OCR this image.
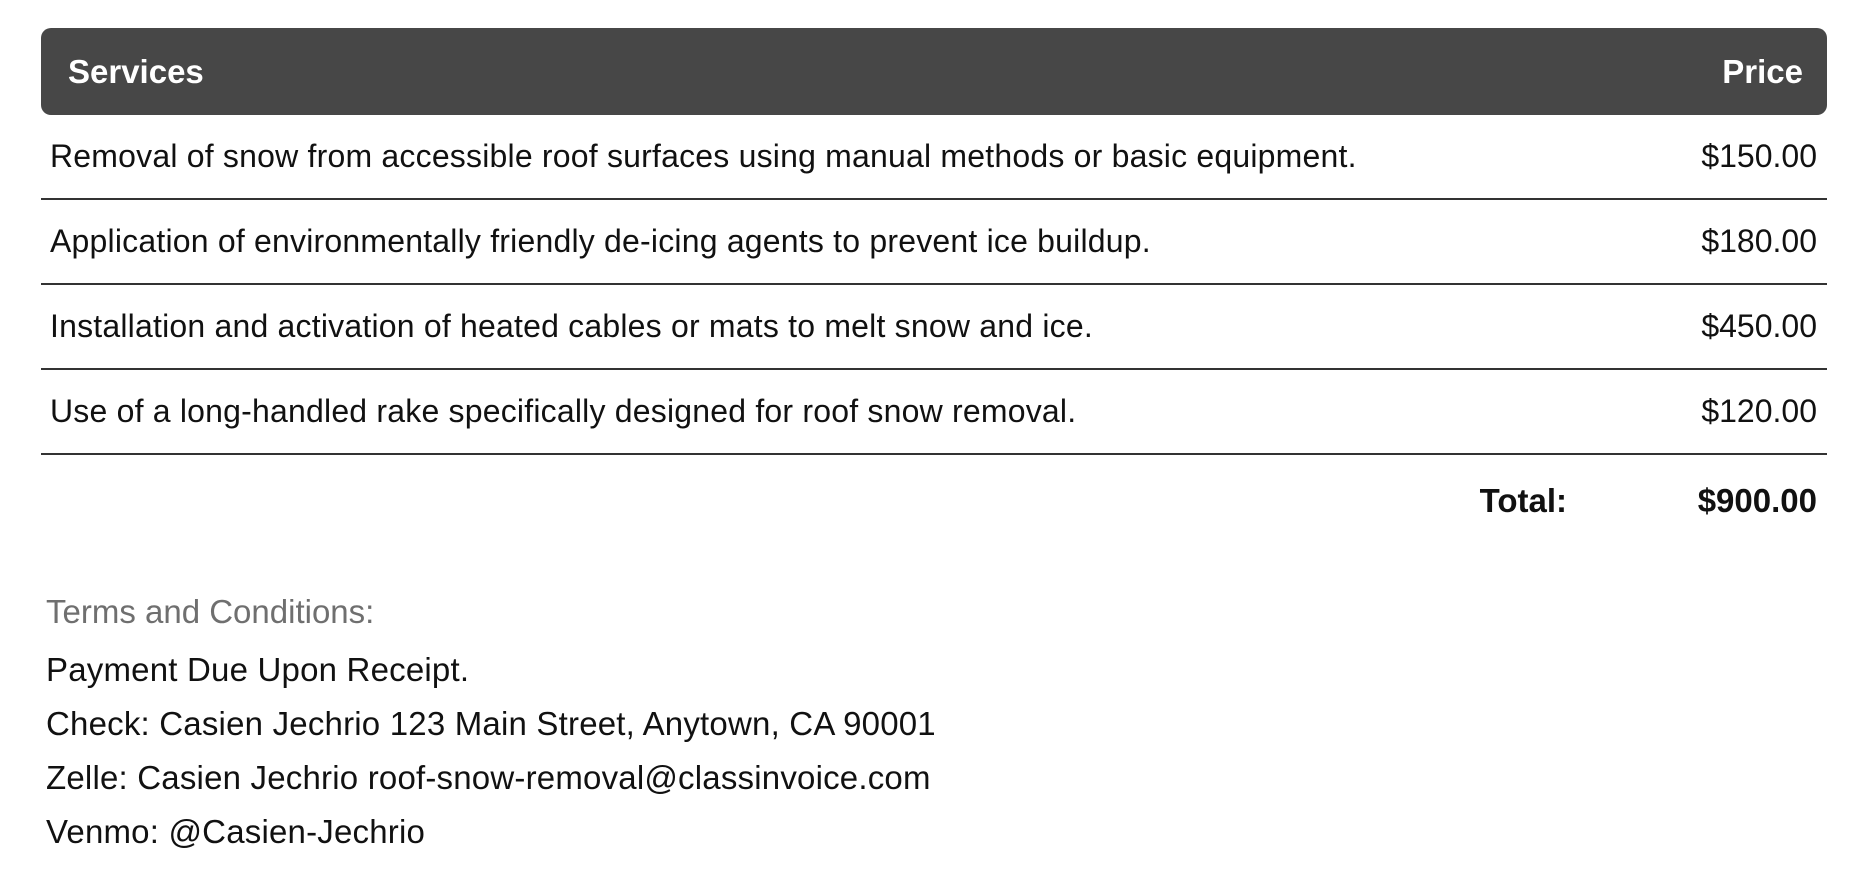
Services	Price
Removal of snow from accessible roof surfaces using manual methods or basic equipment.	$150.00
Application of environmentally friendly de-icing agents to prevent ice buildup.	$180.00
Installation and activation of heated cables or mats to melt snow and ice.	$450.00
Use of a long-handled rake specifically designed for roof snow removal.	$120.00
Total:	$900.00
Terms and Conditions:
Payment Due Upon Receipt.
Check: Casien Jechrio 123 Main Street, Anytown, CA 90001
Zelle: Casien Jechrio roof-snow-removal@classinvoice.com
Venmo: @Casien-Jechrio
